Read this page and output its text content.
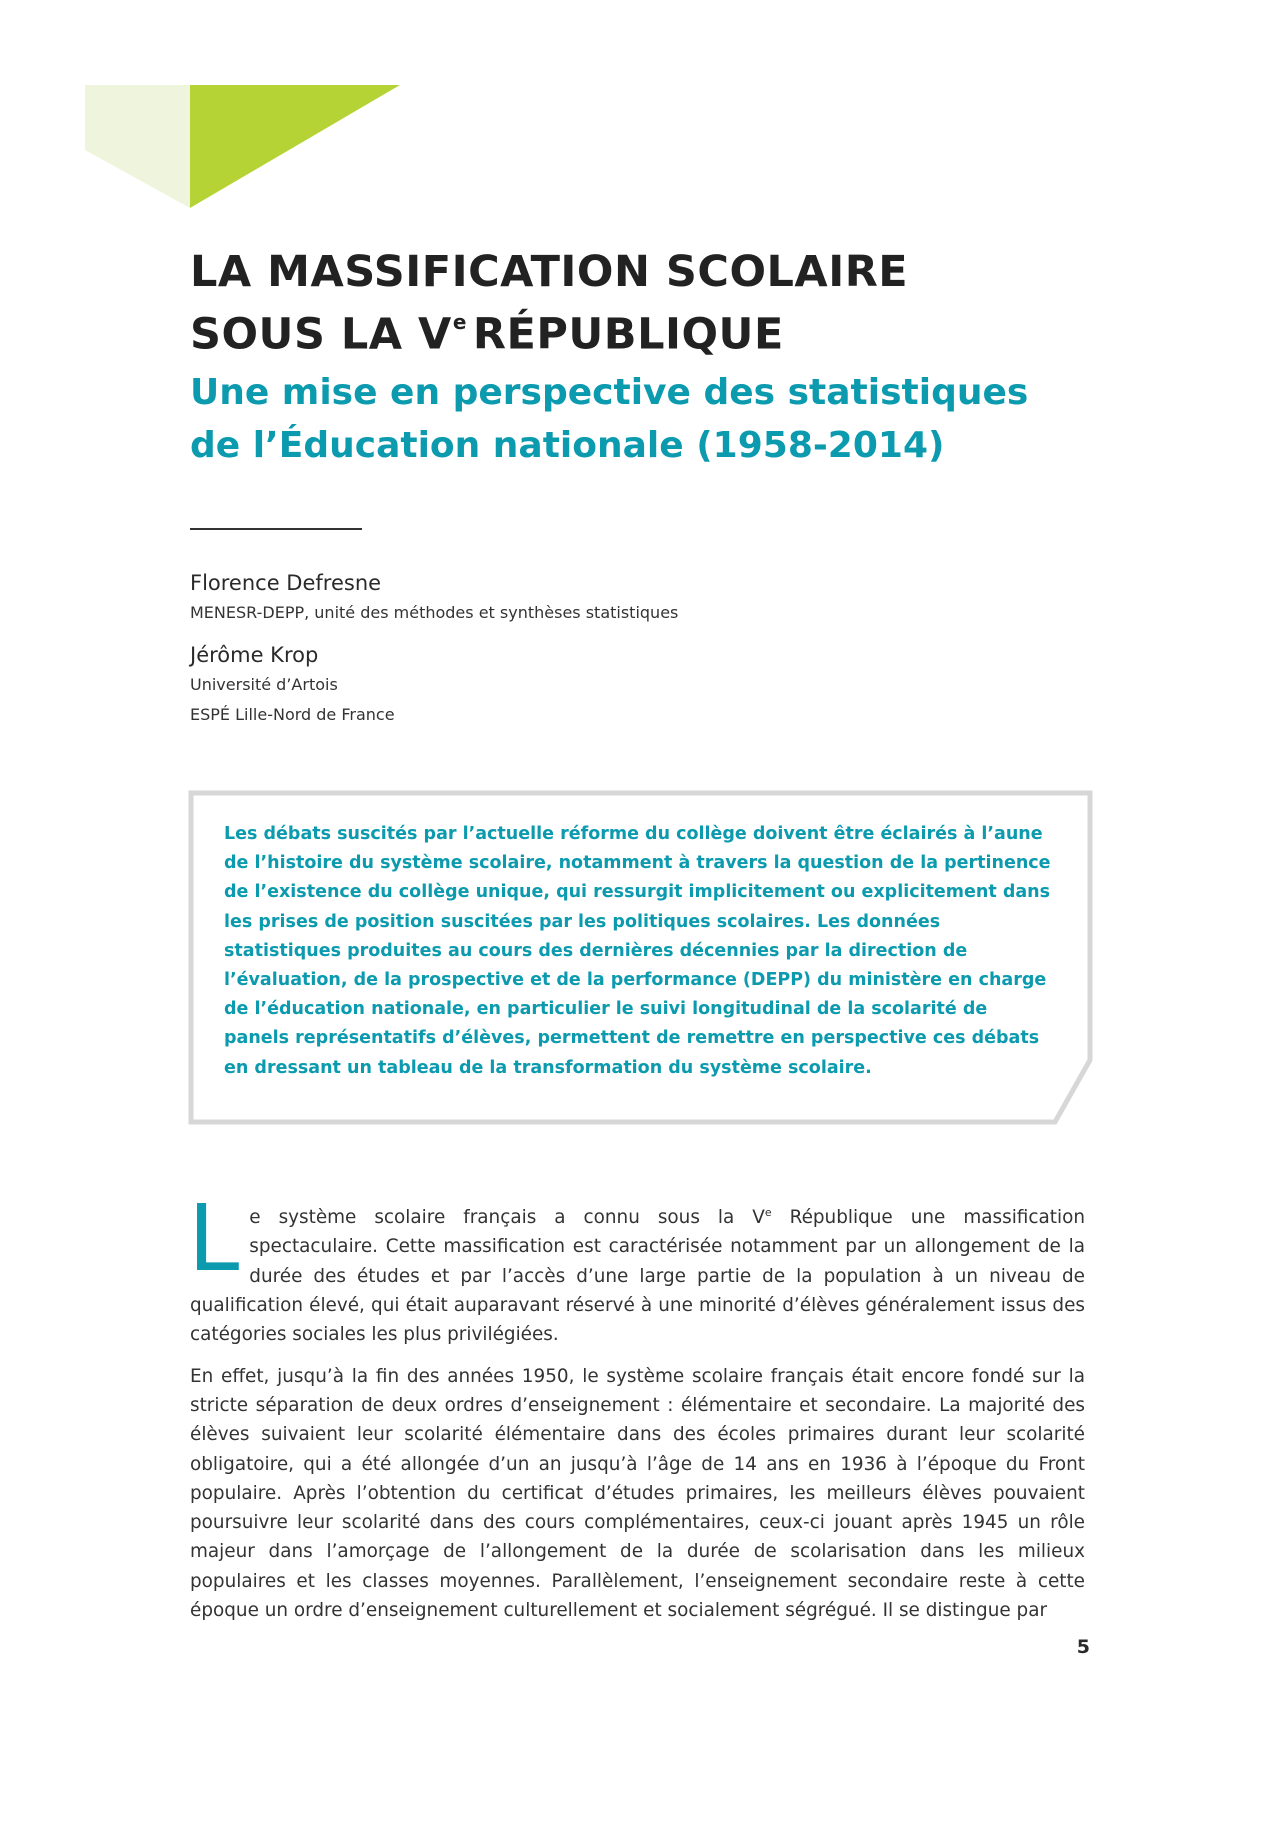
LA MASSIFICATION SCOLAIRE
SOUS LA Ve RÉPUBLIQUE
Une mise en perspective des statistiques
de l’Éducation nationale (1958-2014)

Florence Defresne

MENESR-DEPP, unité des méthodes et synthèses statistiques

Jérôme Krop

Université d’Artois

ESPÉ Lille-Nord de France

Les débats suscités par l’actuelle réforme du collège doivent être éclairés à l’aune de l’histoire du système scolaire, notamment à travers la question de la pertinence de l’existence du collège unique, qui ressurgit implicitement ou explicitement dans les prises de position suscitées par les politiques scolaires. Les données statistiques produites au cours des dernières décennies par la direction de l’évaluation, de la prospective et de la performance (DEPP) du ministère en charge de l’éducation nationale, en particulier le suivi longitudinal de la scolarité de panels représentatifs d’élèves, permettent de remettre en perspective ces débats en dressant un tableau de la transformation du système scolaire.

Le système scolaire français a connu sous la Ve République une massification spectaculaire. Cette massification est caractérisée notamment par un allongement de la durée des études et par l’accès d’une large partie de la population à un niveau de qualification élevé, qui était auparavant réservé à une minorité d’élèves généralement issus des catégories sociales les plus privilégiées.

En effet, jusqu’à la fin des années 1950, le système scolaire français était encore fondé sur la stricte séparation de deux ordres d’enseignement : élémentaire et secondaire. La majorité des élèves suivaient leur scolarité élémentaire dans des écoles primaires durant leur scolarité obligatoire, qui a été allongée d’un an jusqu’à l’âge de 14 ans en 1936 à l’époque du Front populaire. Après l’obtention du certificat d’études primaires, les meilleurs élèves pouvaient poursuivre leur scolarité dans des cours complémentaires, ceux-ci jouant après 1945 un rôle majeur dans l’amorçage de l’allongement de la durée de scolarisation dans les milieux populaires et les classes moyennes. Parallèlement, l’enseignement secondaire reste à cette époque un ordre d’enseignement culturellement et socialement ségrégué. Il se distingue par

5
